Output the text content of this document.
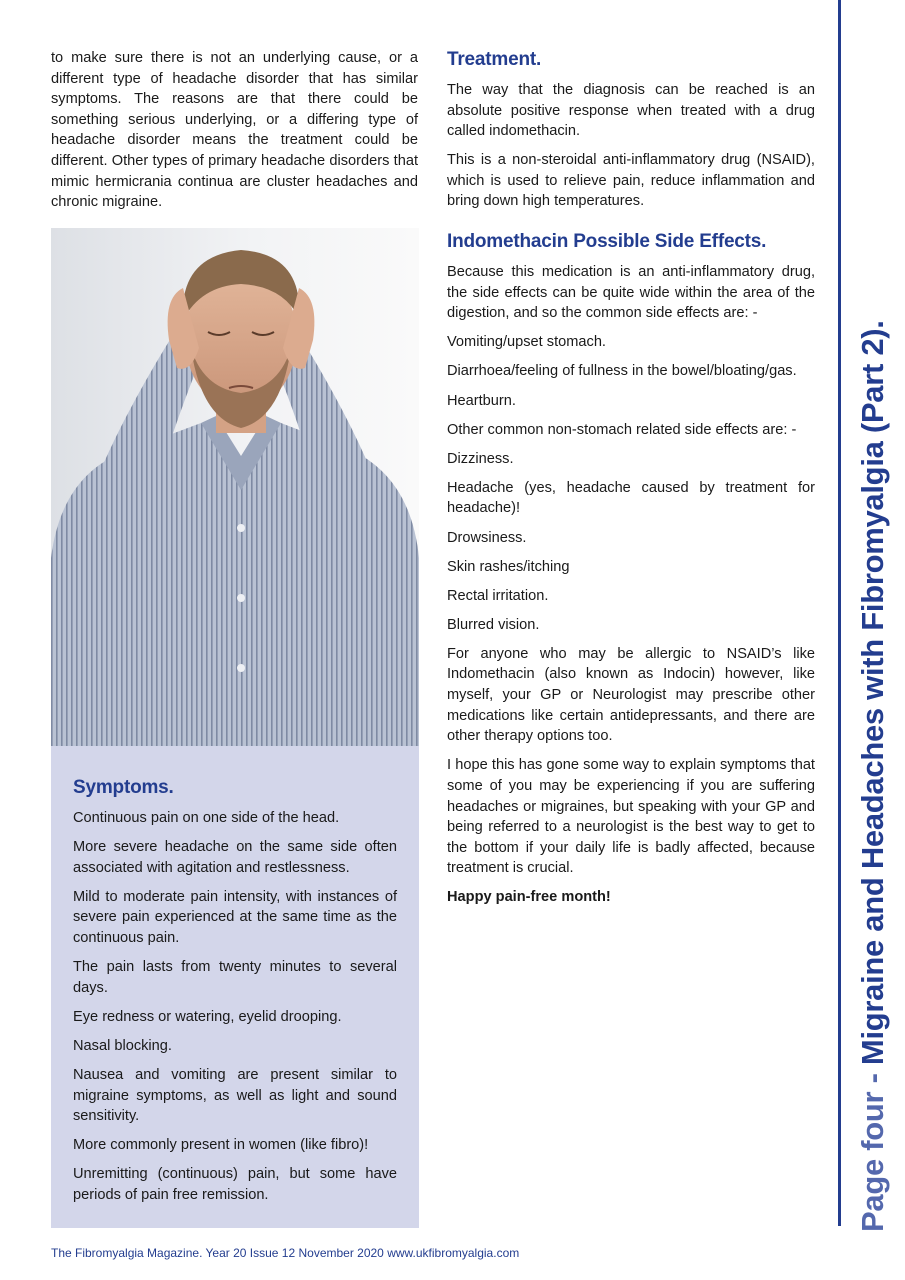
to make sure there is not an underlying cause, or a different type of headache disorder that has similar symptoms. The reasons are that there could be something serious underlying, or a differing type of headache disorder means the treatment could be different. Other types of primary headache disorders that mimic hermicrania continua are cluster headaches and chronic migraine.

Symptoms.

Continuous pain on one side of the head.

More severe headache on the same side often associated with agitation and restlessness.

Mild to moderate pain intensity, with instances of severe pain experienced at the same time as the continuous pain.

The pain lasts from twenty minutes to several days.

Eye redness or watering, eyelid drooping.

Nasal blocking.

Nausea and vomiting are present similar to migraine symptoms, as well as light and sound sensitivity.

More commonly present in women (like fibro)!

Unremitting (continuous) pain, but some have periods of pain free remission.

Treatment.

The way that the diagnosis can be reached is an absolute positive response when treated with a drug called indomethacin.

This is a non-steroidal anti-inflammatory drug (NSAID), which is used to relieve pain, reduce inflammation and bring down high temperatures.

Indomethacin Possible Side Effects.

Because this medication is an anti-inflammatory drug, the side effects can be quite wide within the area of the digestion, and so the common side effects are: -

Vomiting/upset stomach.

Diarrhoea/feeling of fullness in the bowel/bloating/gas.

Heartburn.

Other common non-stomach related side effects are: -

Dizziness.

Headache (yes, headache caused by treatment for headache)!

Drowsiness.

Skin rashes/itching

Rectal irritation.

Blurred vision.

For anyone who may be allergic to NSAID’s like Indomethacin (also known as Indocin) however, like myself, your GP or Neurologist may prescribe other medications like certain antidepressants, and there are other therapy options too.

I hope this has gone some way to explain symptoms that some of you may be experiencing if you are suffering headaches or migraines, but speaking with your GP and being referred to a neurologist is the best way to get to the bottom if your daily life is badly affected, because treatment is crucial.

Happy pain-free month!

Page four - Migraine and Headaches with Fibromyalgia (Part 2).
The Fibromyalgia Magazine. Year 20 Issue 12 November 2020 www.ukfibromyalgia.com
